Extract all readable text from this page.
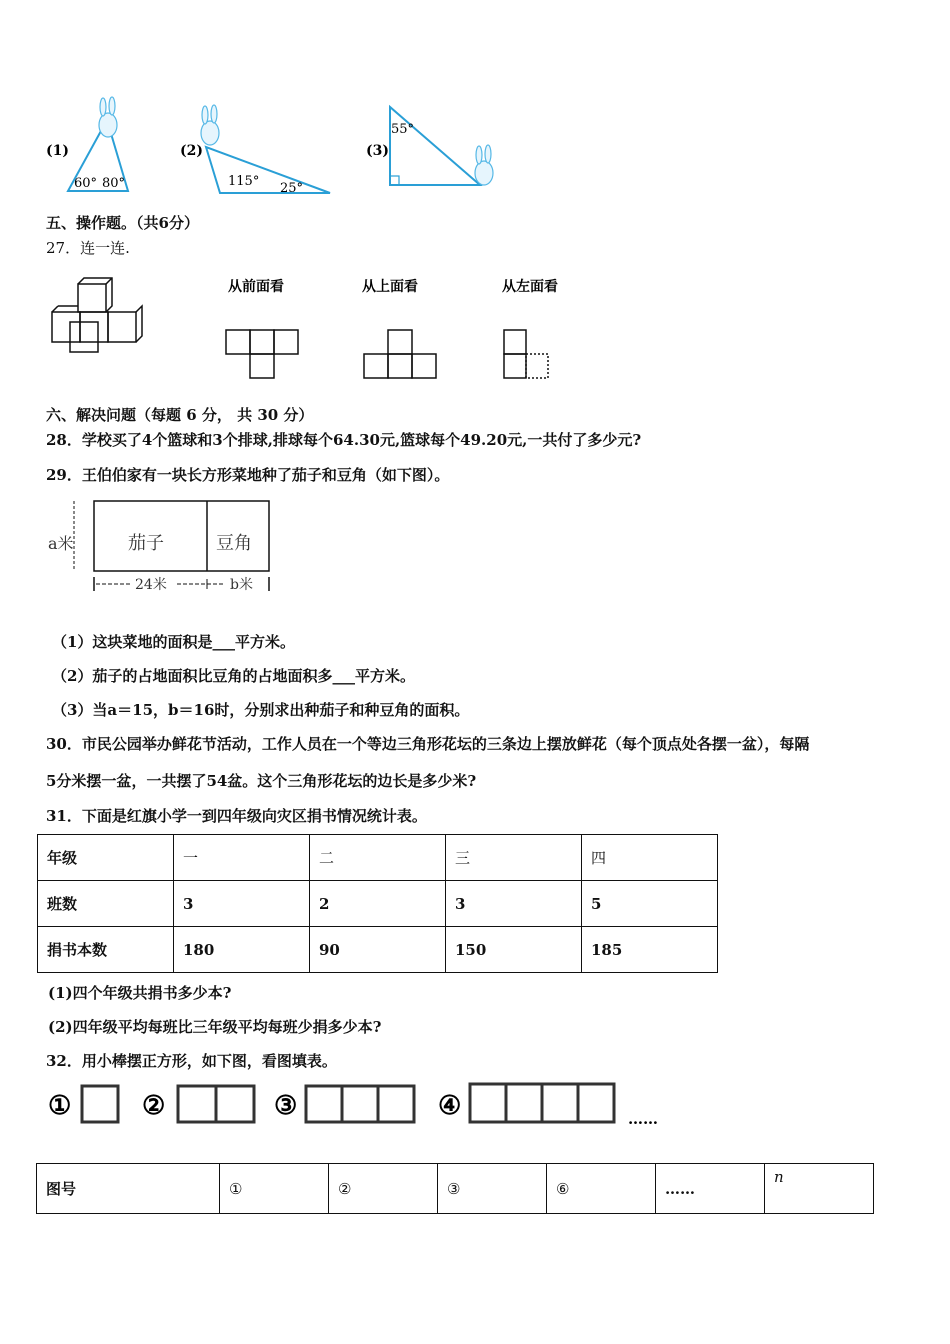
(1)
60° 80°
(2)
115° 25°
(3)
55°
五、操作题。（共6分）
27．连一连.
从前面看	从上面看	从左面看
六、解决问题（每题 6 分， 共 30 分）
28．学校买了4个篮球和3个排球,排球每个64.30元,篮球每个49.20元,一共付了多少元?
29．王伯伯家有一块长方形菜地种了茄子和豆角（如下图）。
a米	茄子	豆角
24米	b米
（1）这块菜地的面积是___平方米。
（2）茄子的占地面积比豆角的占地面积多___平方米。
（3）当a＝15，b＝16时，分别求出种茄子和种豆角的面积。
30．市民公园举办鲜花节活动，工作人员在一个等边三角形花坛的三条边上摆放鲜花（每个顶点处各摆一盆），每隔
5分米摆一盆，一共摆了54盆。这个三角形花坛的边长是多少米?
31．下面是红旗小学一到四年级向灾区捐书情况统计表。
年级	一	二	三	四
班数	3	2	3	5
捐书本数	180	90	150	185
(1)四个年级共捐书多少本?
(2)四年级平均每班比三年级平均每班少捐多少本?
32．用小棒摆正方形，如下图，看图填表。
①	②	③	④	……
图号	①	②	③	⑥	……	n
